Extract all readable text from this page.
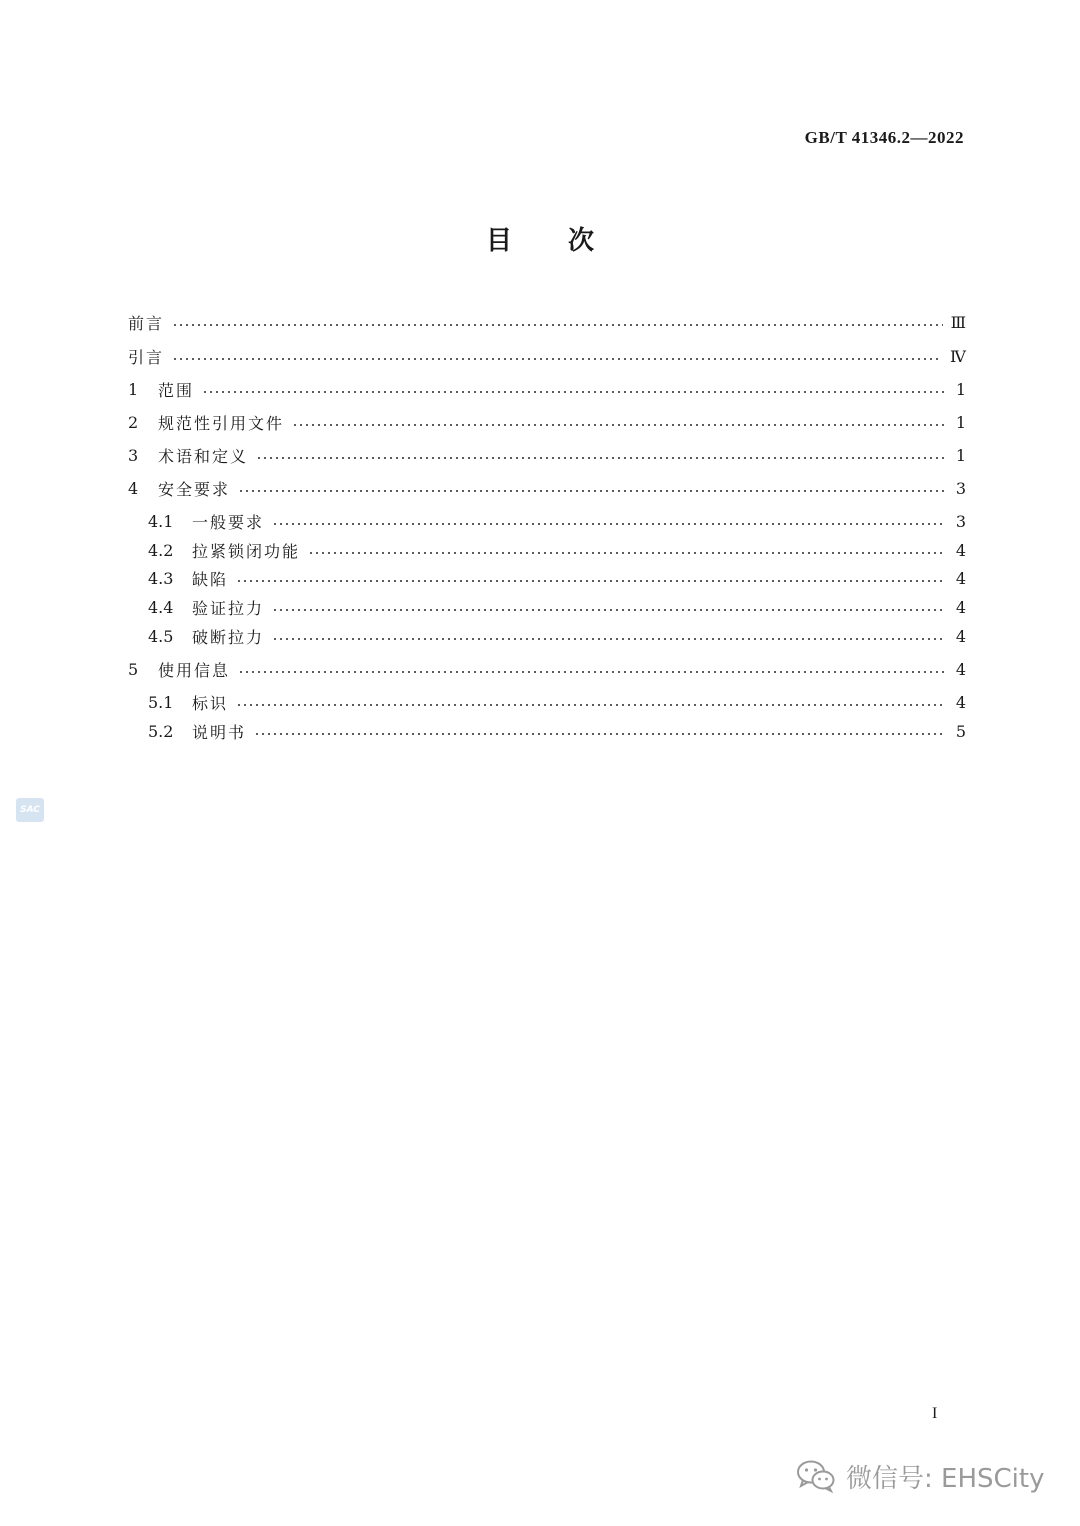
GB/T 41346.2—2022
目 次
前言	Ⅲ
引言	Ⅳ
1	范围	1
2	规范性引用文件	1
3	术语和定义	1
4	安全要求	3
4.1	一般要求	3
4.2	拉紧锁闭功能	4
4.3	缺陷	4
4.4	验证拉力	4
4.5	破断拉力	4
5	使用信息	4
5.1	标识	4
5.2	说明书	5
SAC
I
微信号: EHSCity
